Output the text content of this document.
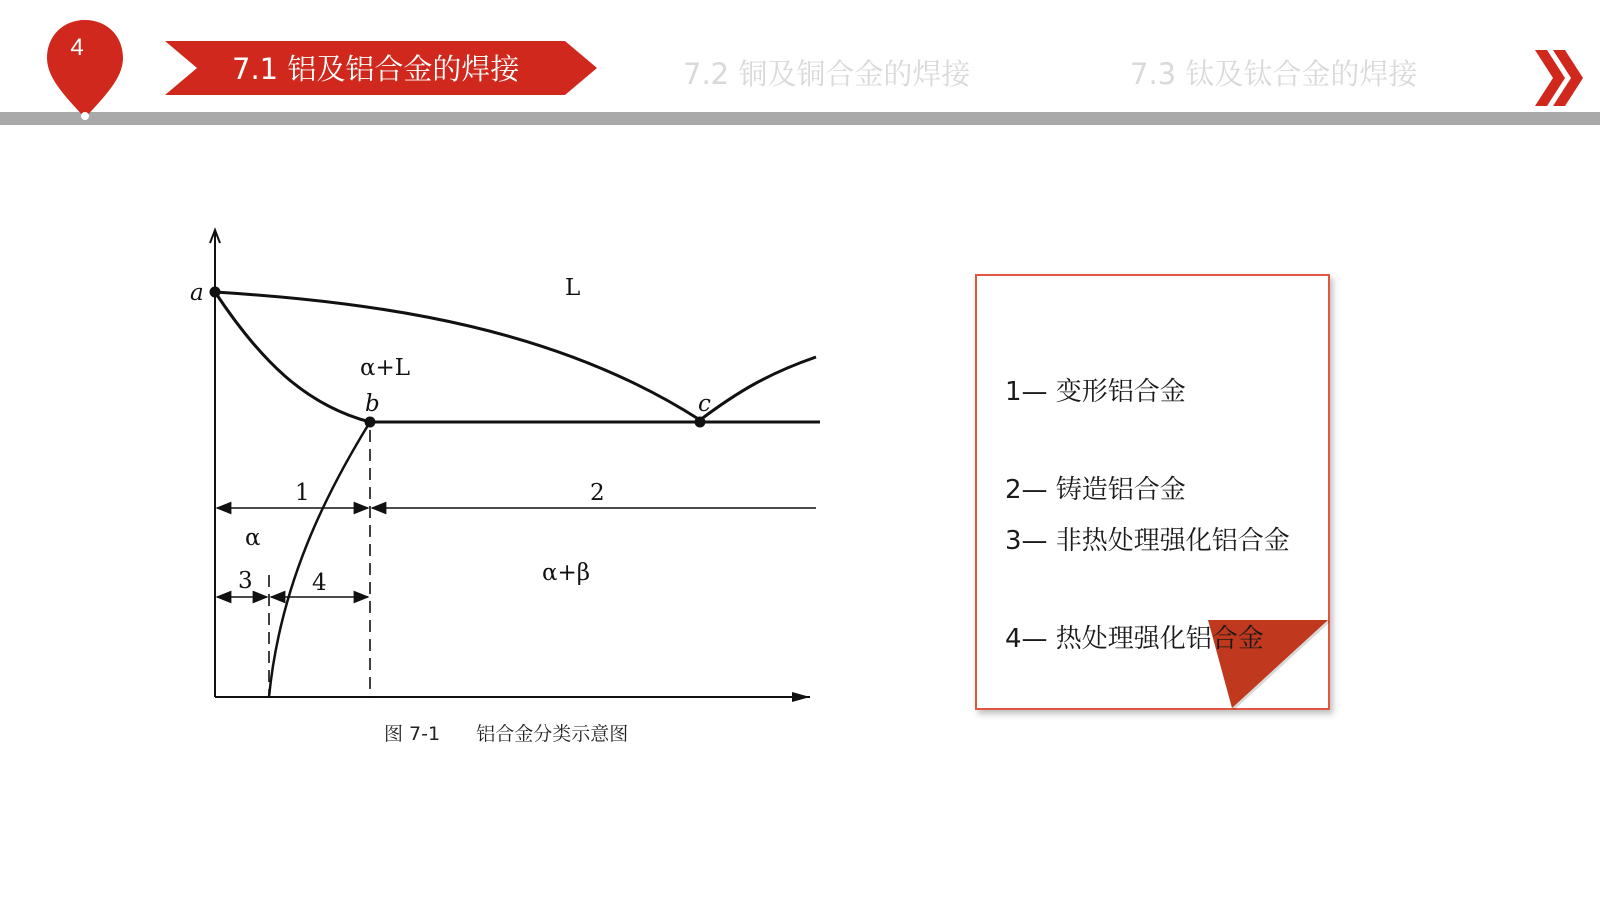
4
7.1 铝及铝合金的焊接	7.2 铜及铜合金的焊接	7.3 钛及钛合金的焊接
a
b	c
L
α+L
1	2
α
3	4	α+β
图 7-1      铝合金分类示意图
1— 变形铝合金
2— 铸造铝合金
3— 非热处理强化铝合金
4— 热处理强化铝合金
